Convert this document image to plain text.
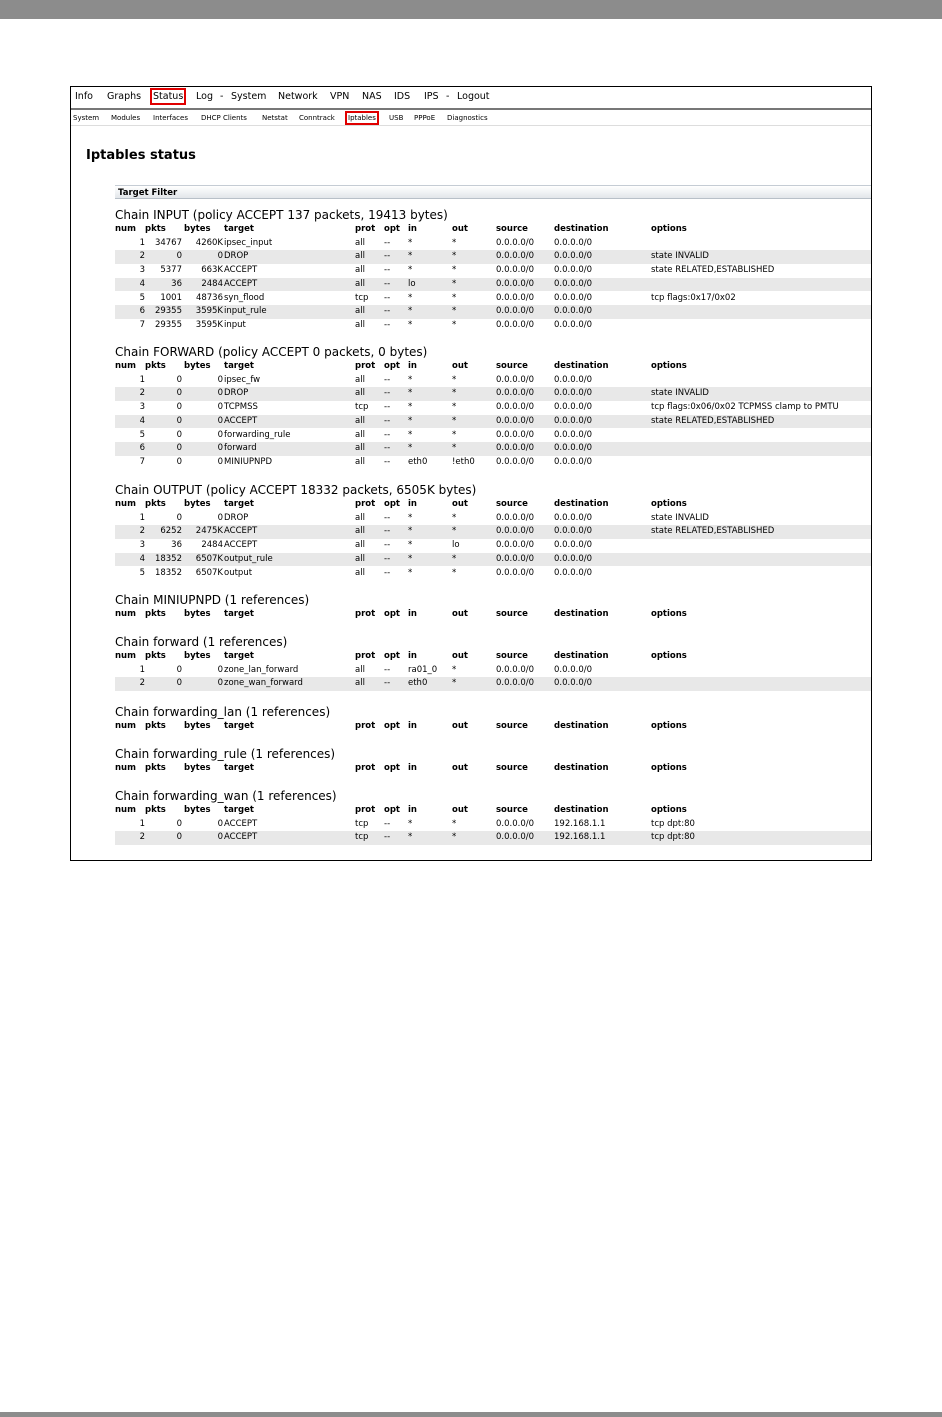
Info Graphs Status Log - System Network VPN NAS IDS IPS - Logout
System Modules Interfaces DHCP Clients Netstat Conntrack Iptables USB PPPoE Diagnostics
Iptables status
Target Filter
Chain INPUT (policy ACCEPT 137 packets, 19413 bytes)
num	pkts	bytes	target	prot opt in	out	source	destination	options
1	34767	4260K ipsec_input	all -- *	*	0.0.0.0/0 0.0.0.0/0
2	0	0 DROP	all -- *	*	0.0.0.0/0 0.0.0.0/0	state INVALID
3	5377	663K ACCEPT	all -- *	*	0.0.0.0/0 0.0.0.0/0	state RELATED,ESTABLISHED
4	36	2484 ACCEPT	all -- lo	*	0.0.0.0/0 0.0.0.0/0
5	1001	48736 syn_flood	tcp -- *	*	0.0.0.0/0 0.0.0.0/0	tcp flags:0x17/0x02
6	29355	3595K input_rule	all -- *	*	0.0.0.0/0 0.0.0.0/0
7	29355	3595K input	all -- *	*	0.0.0.0/0 0.0.0.0/0
Chain FORWARD (policy ACCEPT 0 packets, 0 bytes)
num	pkts	bytes	target	prot opt in	out	source	destination	options
1	0	0 ipsec_fw	all -- *	*	0.0.0.0/0 0.0.0.0/0
2	0	0 DROP	all -- *	*	0.0.0.0/0 0.0.0.0/0	state INVALID
3	0	0 TCPMSS	tcp -- *	*	0.0.0.0/0 0.0.0.0/0	tcp flags:0x06/0x02 TCPMSS clamp to PMTU
4	0	0 ACCEPT	all -- *	*	0.0.0.0/0 0.0.0.0/0	state RELATED,ESTABLISHED
5	0	0 forwarding_rule	all -- *	*	0.0.0.0/0 0.0.0.0/0
6	0	0 forward	all -- *	*	0.0.0.0/0 0.0.0.0/0
7	0	0 MINIUPNPD	all -- eth0	!eth0 0.0.0.0/0 0.0.0.0/0
Chain OUTPUT (policy ACCEPT 18332 packets, 6505K bytes)
num	pkts	bytes	target	prot opt in	out	source	destination	options
1	0	0 DROP	all -- *	*	0.0.0.0/0 0.0.0.0/0	state INVALID
2	6252	2475K ACCEPT	all -- *	*	0.0.0.0/0 0.0.0.0/0	state RELATED,ESTABLISHED
3	36	2484 ACCEPT	all -- *	lo	0.0.0.0/0 0.0.0.0/0
4	18352	6507K output_rule	all -- *	*	0.0.0.0/0 0.0.0.0/0
5	18352	6507K output	all -- *	*	0.0.0.0/0 0.0.0.0/0
Chain MINIUPNPD (1 references)
num	pkts	bytes	target	prot opt in	out	source	destination	options
Chain forward (1 references)
num	pkts	bytes	target	prot opt in	out	source	destination	options
1	0	0 zone_lan_forward	all -- ra01_0 *	0.0.0.0/0 0.0.0.0/0
2	0	0 zone_wan_forward	all -- eth0	*	0.0.0.0/0 0.0.0.0/0
Chain forwarding_lan (1 references)
num	pkts	bytes	target	prot opt in	out	source	destination	options
Chain forwarding_rule (1 references)
num	pkts	bytes	target	prot opt in	out	source	destination	options
Chain forwarding_wan (1 references)
num	pkts	bytes	target	prot opt in	out	source	destination	options
1	0	0 ACCEPT	tcp -- *	*	0.0.0.0/0 192.168.1.1	tcp dpt:80
2	0	0 ACCEPT	tcp -- *	*	0.0.0.0/0 192.168.1.1	tcp dpt:80
